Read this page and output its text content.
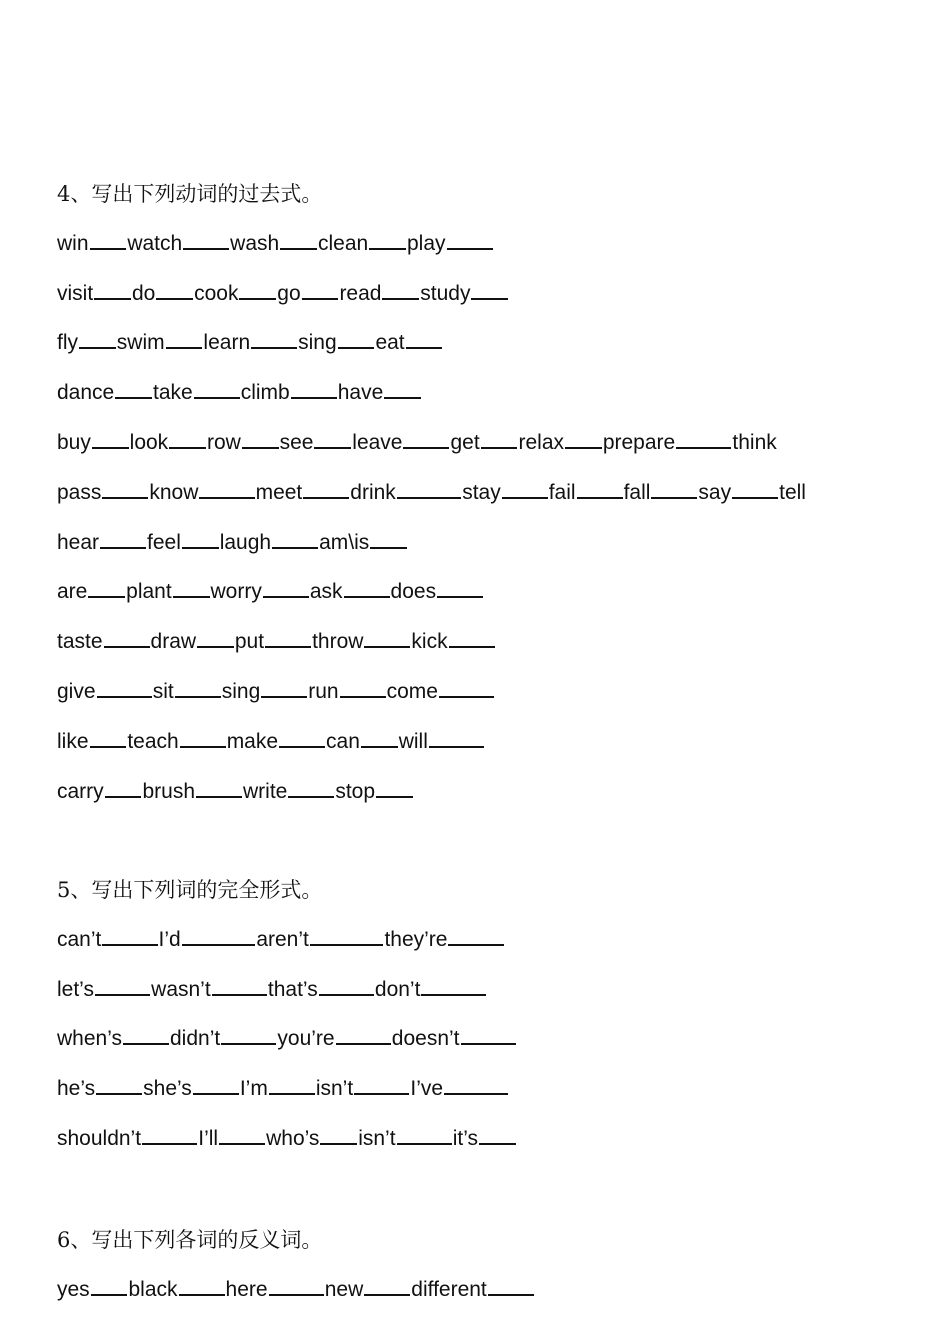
4、写出下列动词的过去式。
win watch wash clean play
visit do cook go read study
fly swim learn sing eat
dance take climb have
buy look row see leave get relax prepare	think
pass know	meet drink	stay fail fall say tell
hear feel laugh am\is
are plant worry ask does
taste draw put throw kick
give	sit sing run come
like teach make can will
carry brush write stop
5、写出下列词的完全形式。
can’t	I’d	aren’t	they’re
let’s	wasn’t	that’s	don’t
when’s didn’t	you’re	doesn’t
he’s she’s I’m isn’t	I’ve
shouldn’t	I’ll who’s isn’t	it’s
6、写出下列各词的反义词。
yes black here	new different
